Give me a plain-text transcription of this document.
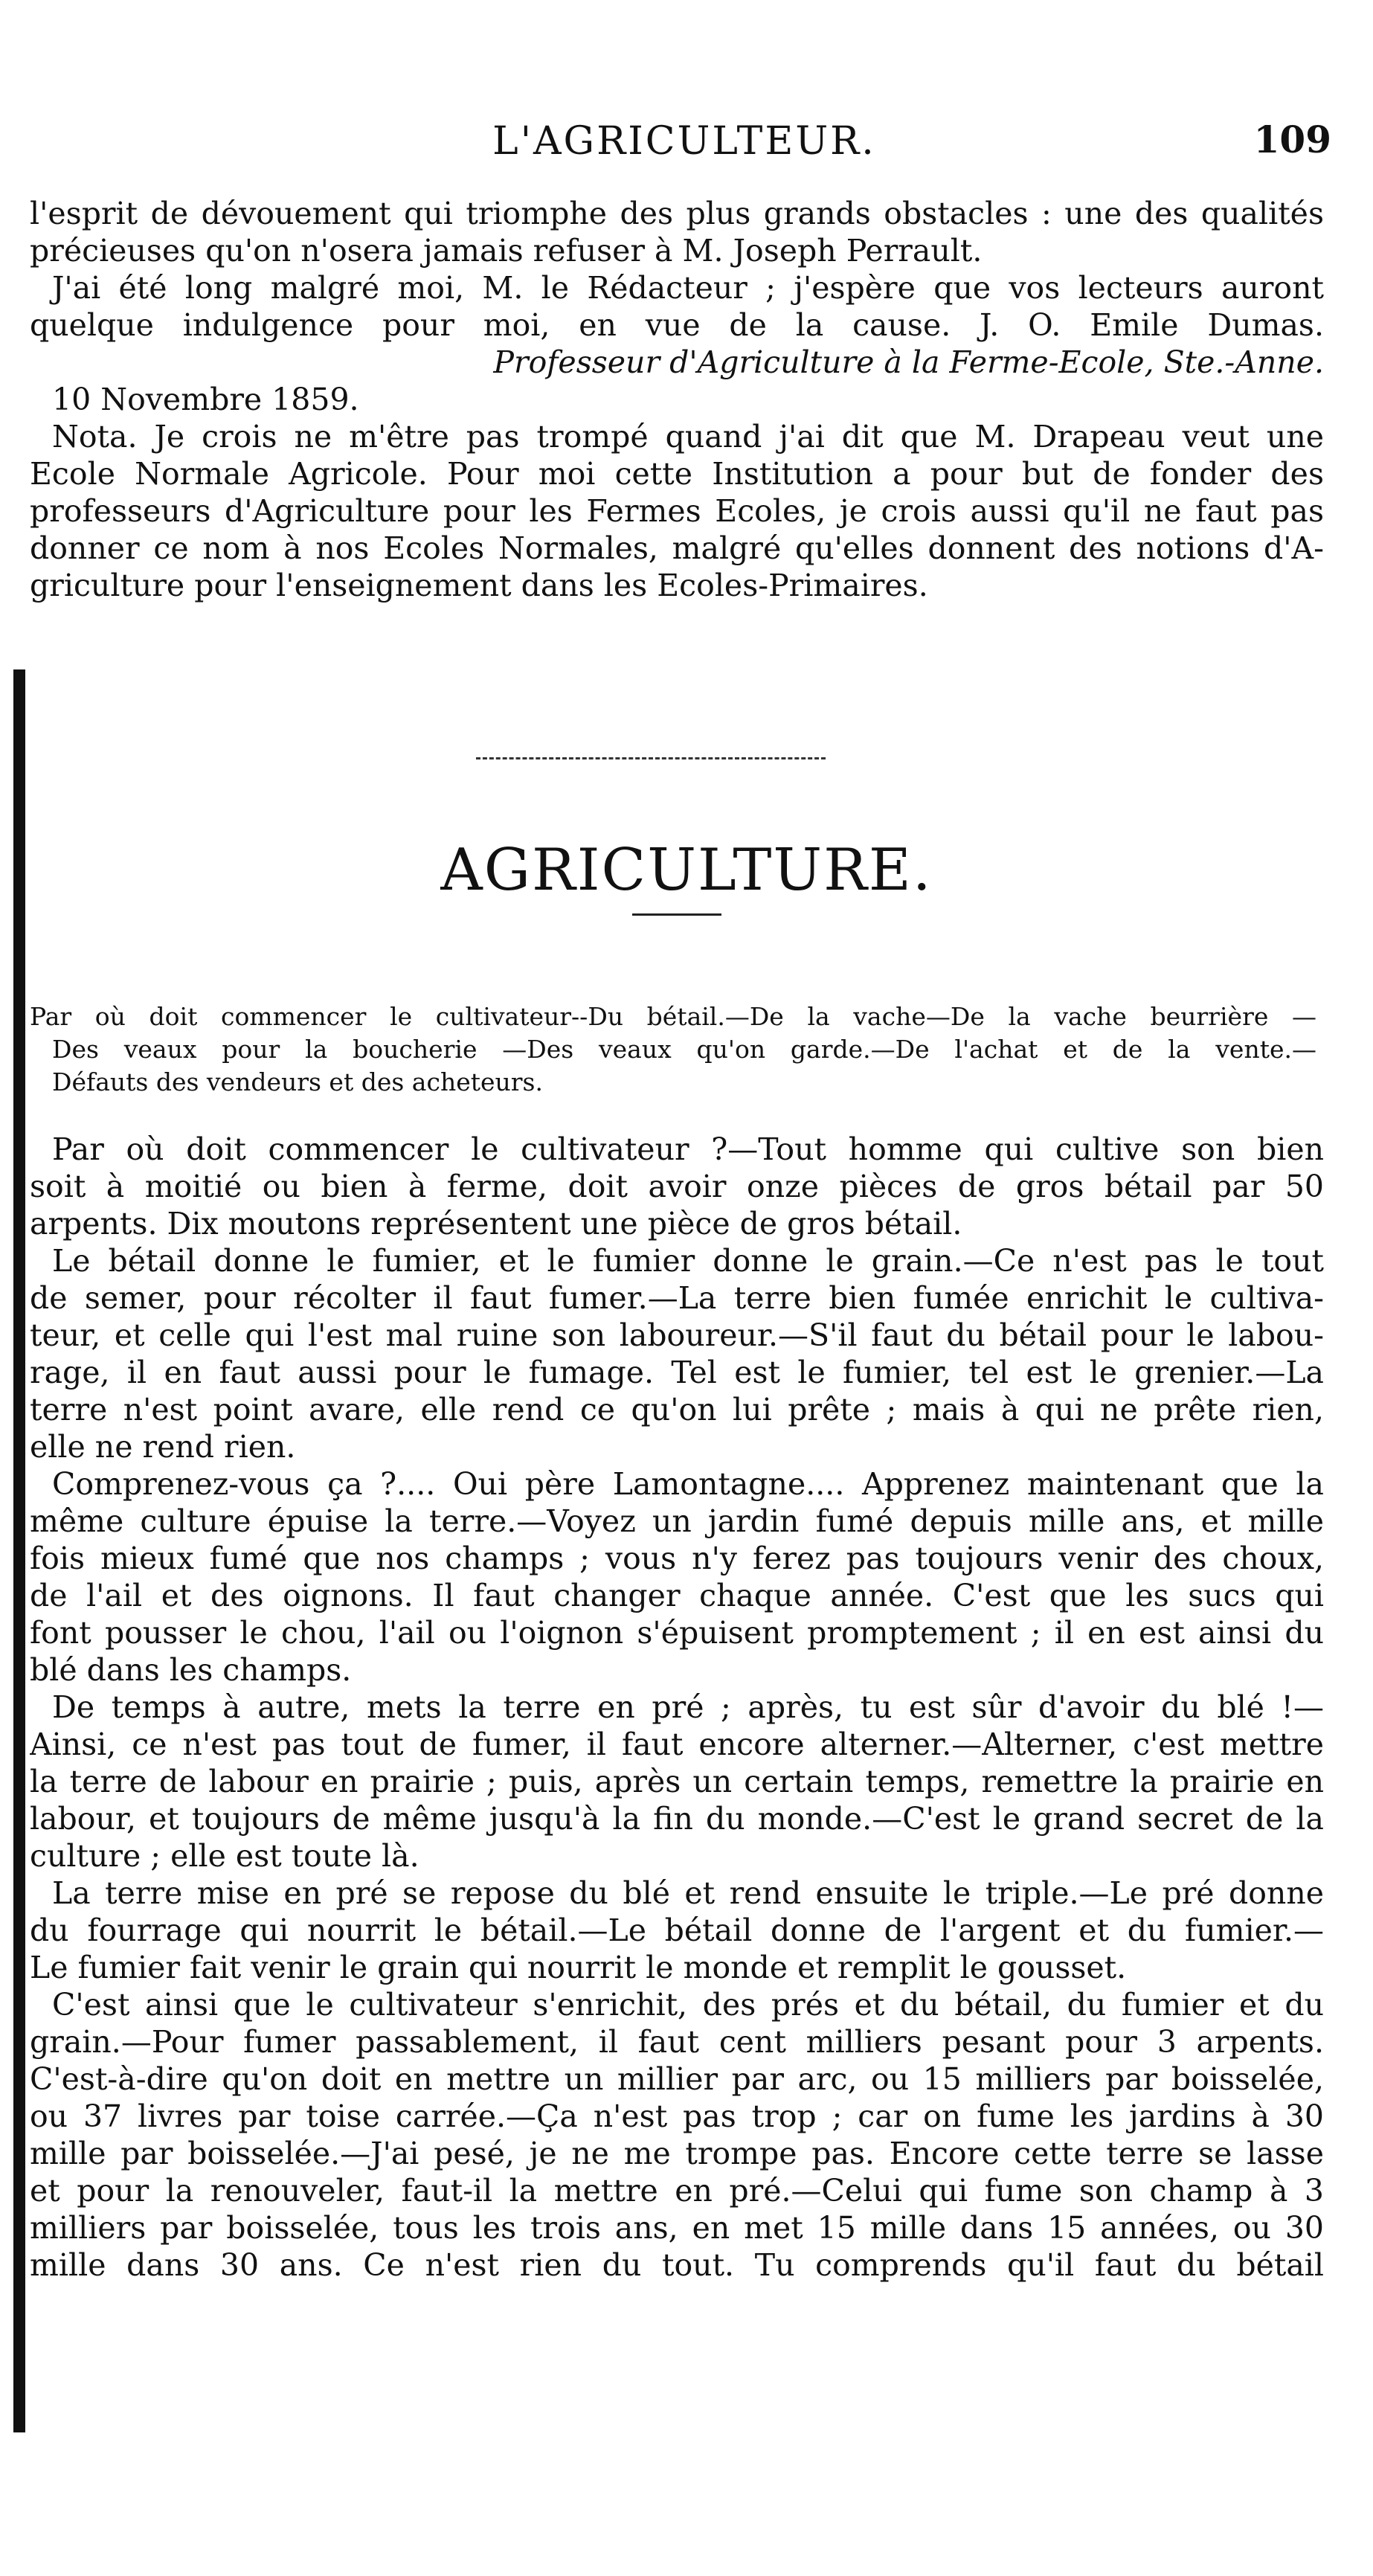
L'AGRICULTEUR.	109
l'esprit de dévouement qui triomphe des plus grands obstacles : une des qualités
précieuses qu'on n'osera jamais refuser à M. Joseph Perrault.
J'ai été long malgré moi, M. le Rédacteur ; j'espère que vos lecteurs auront
quelque indulgence pour moi, en vue de la cause. J. O. Emile Dumas.
Professeur d'Agriculture à la Ferme-Ecole, Ste.-Anne.
10 Novembre 1859.
Nota. Je crois ne m'être pas trompé quand j'ai dit que M. Drapeau veut une
Ecole Normale Agricole. Pour moi cette Institution a pour but de fonder des
professeurs d'Agriculture pour les Fermes Ecoles, je crois aussi qu'il ne faut pas
donner ce nom à nos Ecoles Normales, malgré qu'elles donnent des notions d'A-
griculture pour l'enseignement dans les Ecoles-Primaires.
AGRICULTURE.
Par où doit commencer le cultivateur--Du bétail.—De la vache—De la vache beurrière —
Des veaux pour la boucherie —Des veaux qu'on garde.—De l'achat et de la vente.—
Défauts des vendeurs et des acheteurs.
Par où doit commencer le cultivateur ?—Tout homme qui cultive son bien
soit à moitié ou bien à ferme, doit avoir onze pièces de gros bétail par 50
arpents. Dix moutons représentent une pièce de gros bétail.
Le bétail donne le fumier, et le fumier donne le grain.—Ce n'est pas le tout
de semer, pour récolter il faut fumer.—La terre bien fumée enrichit le cultiva-
teur, et celle qui l'est mal ruine son laboureur.—S'il faut du bétail pour le labou-
rage, il en faut aussi pour le fumage. Tel est le fumier, tel est le grenier.—La
terre n'est point avare, elle rend ce qu'on lui prête ; mais à qui ne prête rien,
elle ne rend rien.
Comprenez-vous ça ?.... Oui père Lamontagne.... Apprenez maintenant que la
même culture épuise la terre.—Voyez un jardin fumé depuis mille ans, et mille
fois mieux fumé que nos champs ; vous n'y ferez pas toujours venir des choux,
de l'ail et des oignons. Il faut changer chaque année. C'est que les sucs qui
font pousser le chou, l'ail ou l'oignon s'épuisent promptement ; il en est ainsi du
blé dans les champs.
De temps à autre, mets la terre en pré ; après, tu est sûr d'avoir du blé !—
Ainsi, ce n'est pas tout de fumer, il faut encore alterner.—Alterner, c'est mettre
la terre de labour en prairie ; puis, après un certain temps, remettre la prairie en
labour, et toujours de même jusqu'à la fin du monde.—C'est le grand secret de la
culture ; elle est toute là.
La terre mise en pré se repose du blé et rend ensuite le triple.—Le pré donne
du fourrage qui nourrit le bétail.—Le bétail donne de l'argent et du fumier.—
Le fumier fait venir le grain qui nourrit le monde et remplit le gousset.
C'est ainsi que le cultivateur s'enrichit, des prés et du bétail, du fumier et du
grain.—Pour fumer passablement, il faut cent milliers pesant pour 3 arpents.
C'est-à-dire qu'on doit en mettre un millier par arc, ou 15 milliers par boisselée,
ou 37 livres par toise carrée.—Ça n'est pas trop ; car on fume les jardins à 30
mille par boisselée.—J'ai pesé, je ne me trompe pas. Encore cette terre se lasse
et pour la renouveler, faut-il la mettre en pré.—Celui qui fume son champ à 3
milliers par boisselée, tous les trois ans, en met 15 mille dans 15 années, ou 30
mille dans 30 ans. Ce n'est rien du tout. Tu comprends qu'il faut du bétail
